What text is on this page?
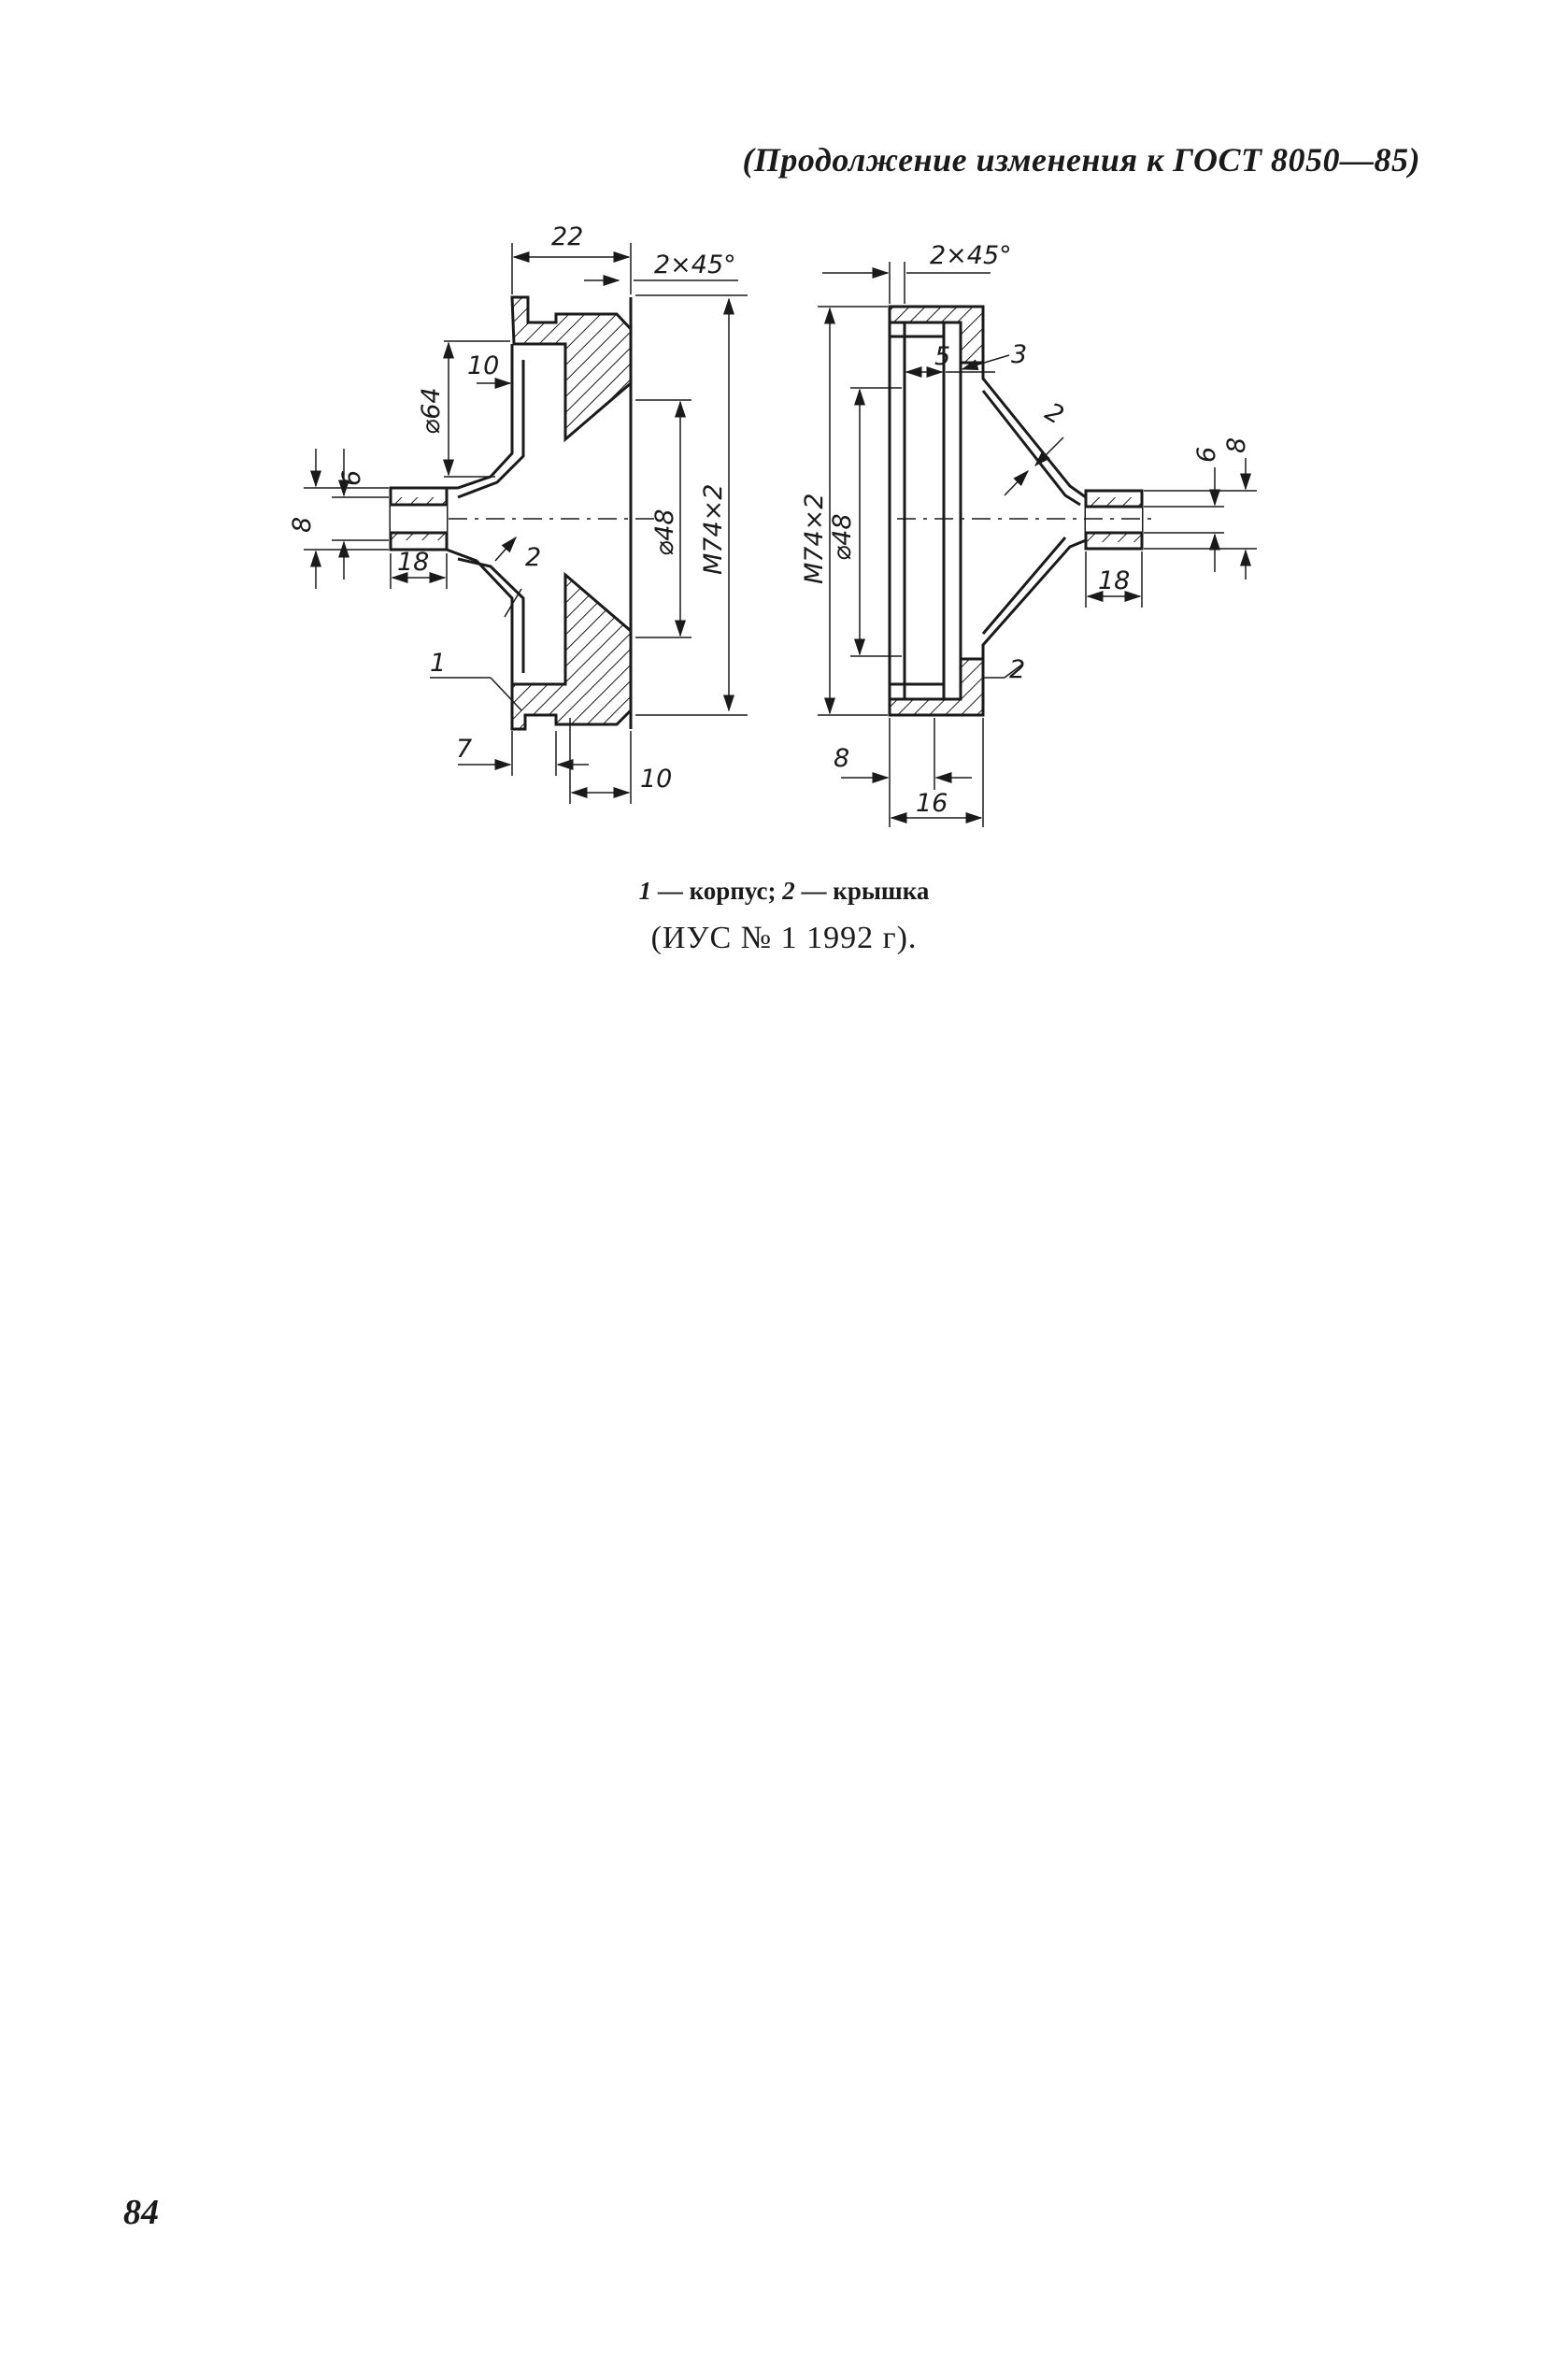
(Продолжение изменения к ГОСТ 8050—85)
22
2×45°
10
⌀64
6
8
18	2
⌀48 M74×2
1
7
10
2×45°
5 3
2
M74×2 ⌀48
6
8
18
2
8
16
1 — корпус; 2 — крышка
(ИУС № 1 1992 г).
84
